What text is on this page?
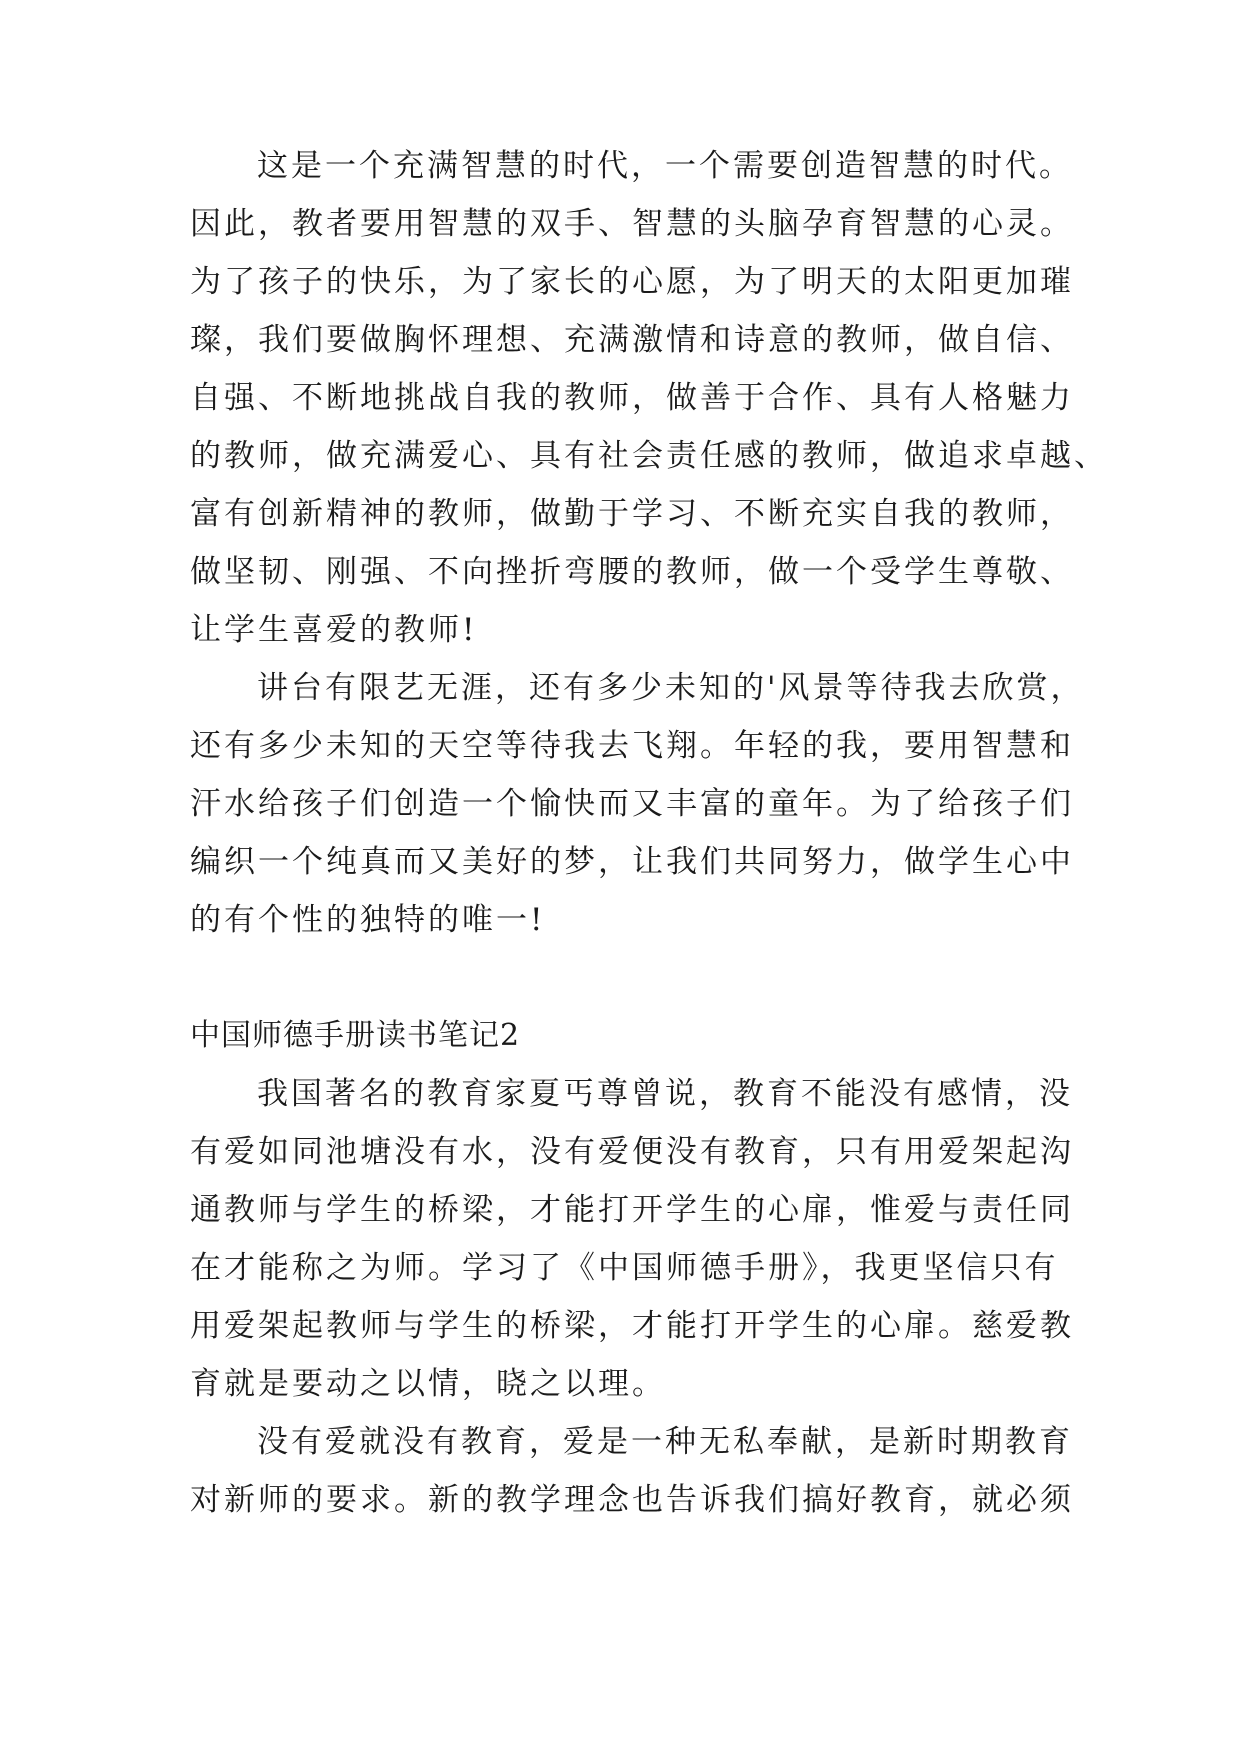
这是一个充满智慧的时代，一个需要创造智慧的时代。
因此，教者要用智慧的双手、智慧的头脑孕育智慧的心灵。
为了孩子的快乐，为了家长的心愿，为了明天的太阳更加璀
璨，我们要做胸怀理想、充满激情和诗意的教师，做自信、
自强、不断地挑战自我的教师，做善于合作、具有人格魅力
的教师，做充满爱心、具有社会责任感的教师，做追求卓越、
富有创新精神的教师，做勤于学习、不断充实自我的教师，
做坚韧、刚强、不向挫折弯腰的教师，做一个受学生尊敬、
让学生喜爱的教师!
讲台有限艺无涯，还有多少未知的'风景等待我去欣赏，
还有多少未知的天空等待我去飞翔。年轻的我，要用智慧和
汗水给孩子们创造一个愉快而又丰富的童年。为了给孩子们
编织一个纯真而又美好的梦，让我们共同努力，做学生心中
的有个性的独特的唯一!
中国师德手册读书笔记2
我国著名的教育家夏丐尊曾说，教育不能没有感情，没
有爱如同池塘没有水，没有爱便没有教育，只有用爱架起沟
通教师与学生的桥梁，才能打开学生的心扉，惟爱与责任同
在才能称之为师。学习了《中国师德手册》，我更坚信只有
用爱架起教师与学生的桥梁，才能打开学生的心扉。慈爱教
育就是要动之以情，晓之以理。
没有爱就没有教育，爱是一种无私奉献，是新时期教育
对新师的要求。新的教学理念也告诉我们搞好教育，就必须
